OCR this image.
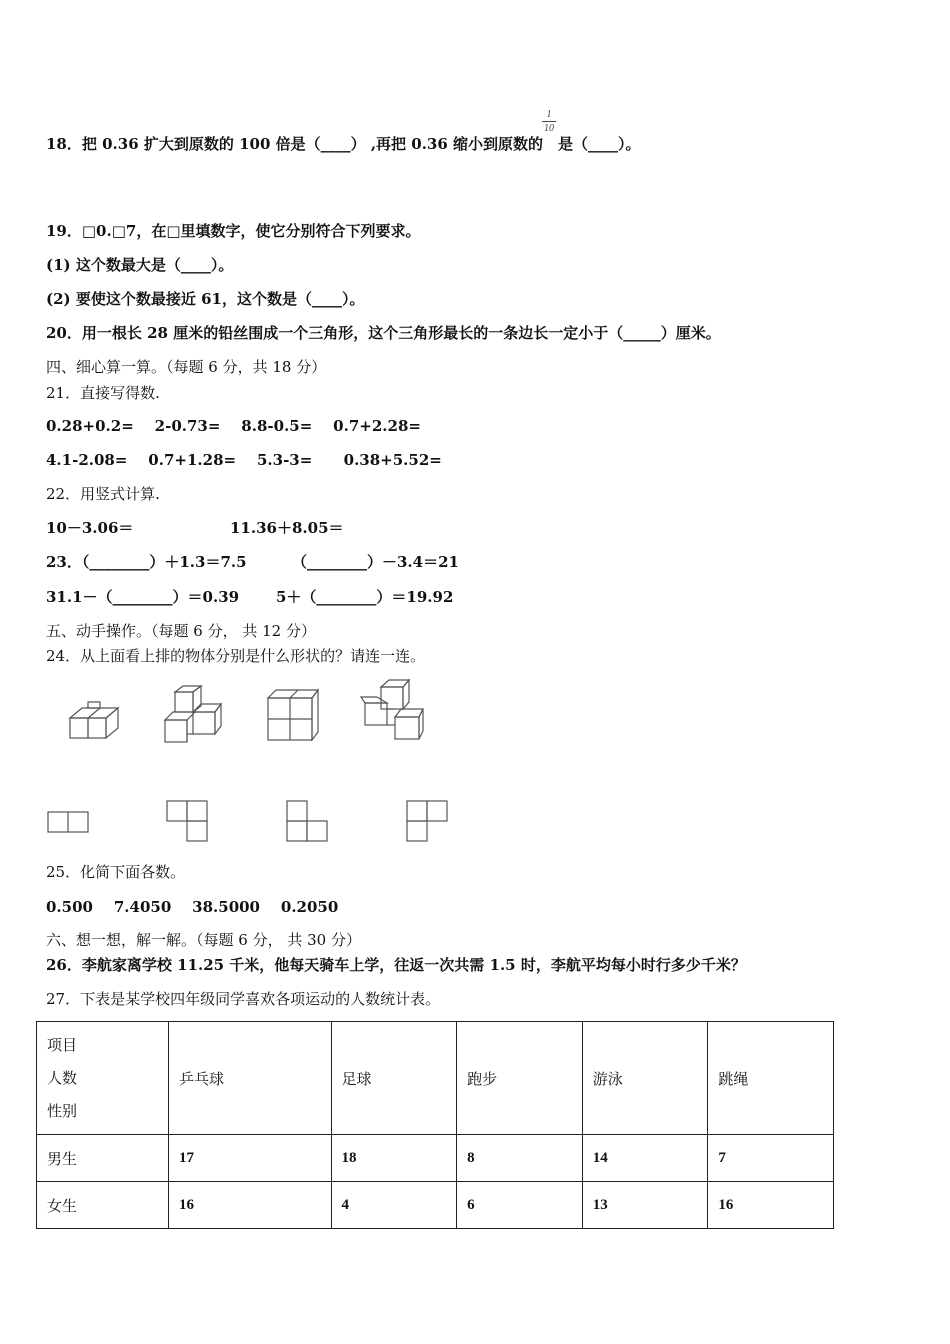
18．把 0.36 扩大到原数的 100 倍是（____） ,再把 0.36 缩小到原数的 是（____）。
1
10
19．□0.□7，在□里填数字，使它分别符合下列要求。
(1) 这个数最大是（____）。
(2) 要使这个数最接近 61，这个数是（____）。
20．用一根长 28 厘米的铅丝围成一个三角形，这个三角形最长的一条边长一定小于（_____）厘米。
四、细心算一算。（每题 6 分，共 18 分）
21．直接写得数.
0.28+0.2=    2-0.73=    8.8-0.5=    0.7+2.28=
4.1-2.08=    0.7+1.28=    5.3-3=      0.38+5.52=
22．用竖式计算.
10－3.06＝	11.36＋8.05＝
23．（________）＋1.3＝7.5	（________）－3.4＝21
31.1－（________）＝0.39 5＋（________）＝19.92
五、动手操作。（每题 6 分， 共 12 分）
24．从上面看上排的物体分别是什么形状的？请连一连。
25．化简下面各数。
0.500    7.4050    38.5000    0.2050
六、想一想，解一解。（每题 6 分， 共 30 分）
26．李航家离学校 11.25 千米，他每天骑车上学，往返一次共需 1.5 时，李航平均每小时行多少千米？
27．下表是某学校四年级同学喜欢各项运动的人数统计表。
项目
人数
性别	乒乓球	足球	跑步	游泳	跳绳
男生	17	18	8	14	7
女生	16	4	6	13	16
